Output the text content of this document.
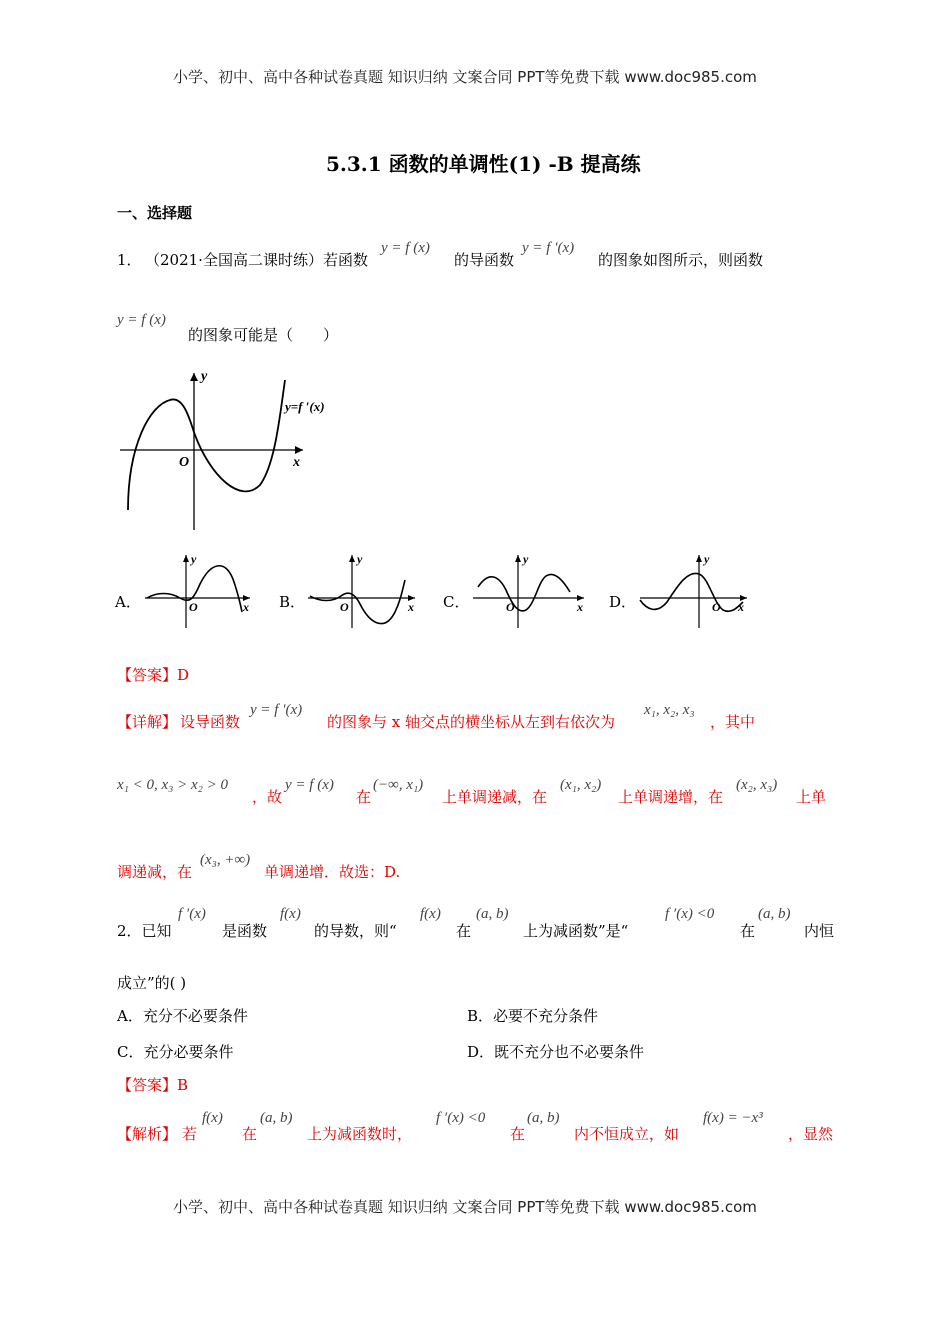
小学、初中、高中各种试卷真题 知识归纳 文案合同 PPT等免费下载 www.doc985.com
5.3.1 函数的单调性(1) -B 提高练
一、选择题
1． （2021·全国高二课时练）若函数
y = f (x)
的导函数
y = f ′(x)
的图象如图所示，则函数
y = f (x)
的图象可能是（　　）
y
x
O
y=f ′(x)
A．
y
x
O	B．
y
x
O	C．
y
x
O	D．
y
x
O
【答案】D
【详解】 设导函数
y = f ′(x)
的图象与 x 轴交点的横坐标从左到右依次为
x₁, x₂, x₃
，其中
x₁ < 0, x₃ > x₂ > 0
，故
y = f (x)
在
(−∞, x₁)
上单调递减，在
(x₁, x₂)
上单调递增，在
(x₂, x₃)
上单
调递减，在
(x₃, +∞)
单调递增．故选：D.
2．已知
f ′(x)
是函数
f(x)
的导数，则“
f(x)
在
(a, b)
上为减函数”是“
f ′(x) <0
在
(a, b)
内恒
成立”的( )
A．充分不必要条件	B．必要不充分条件
C．充分必要条件	D．既不充分也不必要条件
【答案】B
【解析】 若
f(x)
在
(a, b)
上为减函数时，
f ′(x) <0
在
(a, b)
内不恒成立，如
f(x) = −x³
，显然
小学、初中、高中各种试卷真题 知识归纳 文案合同 PPT等免费下载 www.doc985.com
